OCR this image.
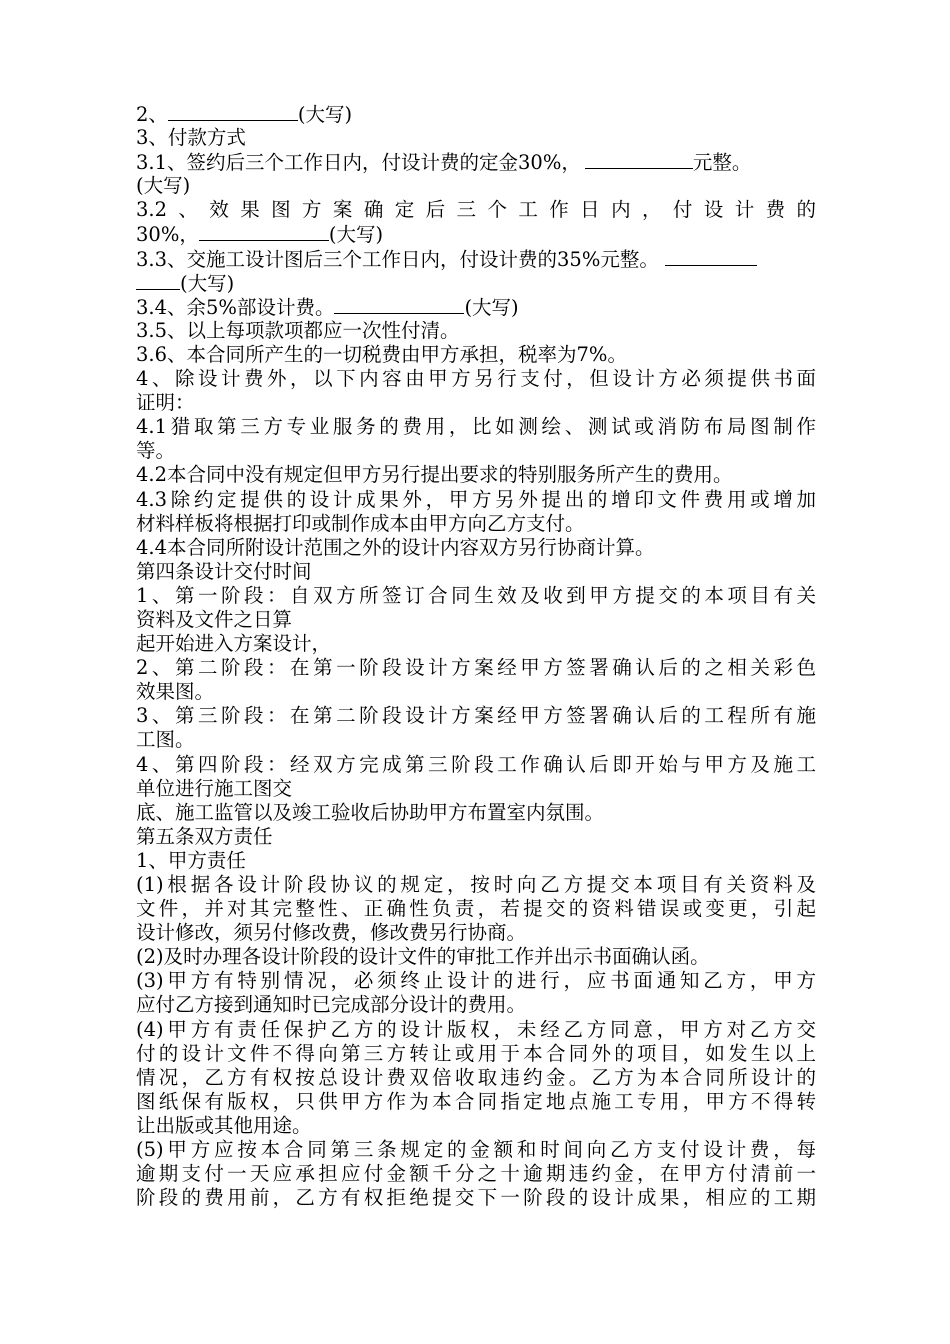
2、	(大写)
3、付款方式
3.1、签约后三个工作日内，付设计费的定金30%，	元整。
(大写)
3.2、效果图方案确定后三个工作日内，付设计费的
30%，	(大写)
3.3、交施工设计图后三个工作日内，付设计费的35%元整。
(大写)
3.4、余5%部设计费。	(大写)
3.5、以上每项款项都应一次性付清。
3.6、本合同所产生的一切税费由甲方承担，税率为7%。
4、除设计费外，以下内容由甲方另行支付，但设计方必须提供书面
证明：
4.1猎取第三方专业服务的费用，比如测绘、测试或消防布局图制作
等。
4.2本合同中没有规定但甲方另行提出要求的特别服务所产生的费用。
4.3除约定提供的设计成果外，甲方另外提出的增印文件费用或增加
材料样板将根据打印或制作成本由甲方向乙方支付。
4.4本合同所附设计范围之外的设计内容双方另行协商计算。
第四条设计交付时间
1、第一阶段：自双方所签订合同生效及收到甲方提交的本项目有关
资料及文件之日算
起开始进入方案设计，
2、第二阶段：在第一阶段设计方案经甲方签署确认后的之相关彩色
效果图。
3、第三阶段：在第二阶段设计方案经甲方签署确认后的工程所有施
工图。
4、第四阶段：经双方完成第三阶段工作确认后即开始与甲方及施工
单位进行施工图交
底、施工监管以及竣工验收后协助甲方布置室内氛围。
第五条双方责任
1、甲方责任
(1)根据各设计阶段协议的规定，按时向乙方提交本项目有关资料及
文件，并对其完整性、正确性负责，若提交的资料错误或变更，引起
设计修改，须另付修改费，修改费另行协商。
(2)及时办理各设计阶段的设计文件的审批工作并出示书面确认函。
(3)甲方有特别情况，必须终止设计的进行，应书面通知乙方，甲方
应付乙方接到通知时已完成部分设计的费用。
(4)甲方有责任保护乙方的设计版权，未经乙方同意，甲方对乙方交
付的设计文件不得向第三方转让或用于本合同外的项目，如发生以上
情况，乙方有权按总设计费双倍收取违约金。乙方为本合同所设计的
图纸保有版权，只供甲方作为本合同指定地点施工专用，甲方不得转
让出版或其他用途。
(5)甲方应按本合同第三条规定的金额和时间向乙方支付设计费，每
逾期支付一天应承担应付金额千分之十逾期违约金，在甲方付清前一
阶段的费用前，乙方有权拒绝提交下一阶段的设计成果，相应的工期
